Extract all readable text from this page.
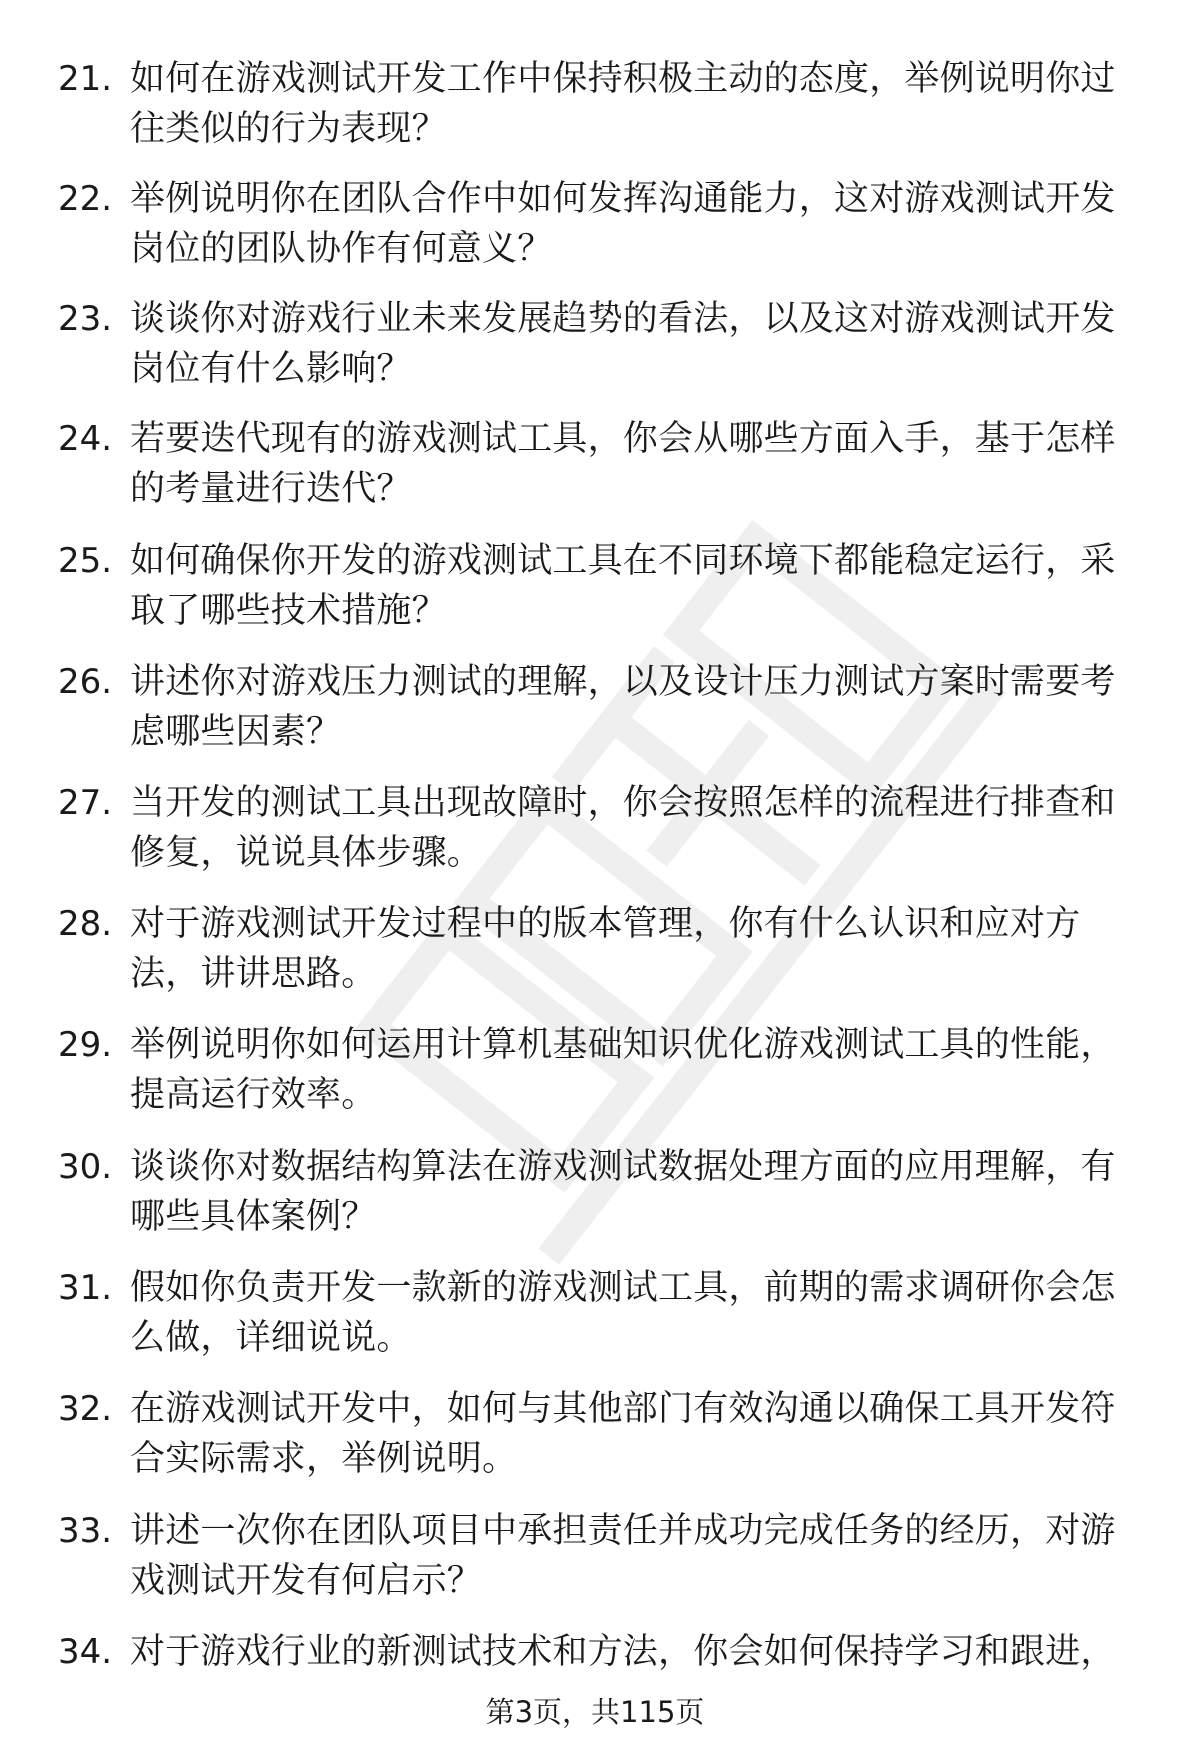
21. 如何在游戏测试开发工作中保持积极主动的态度，举例说明你过
往类似的行为表现？
22. 举例说明你在团队合作中如何发挥沟通能力，这对游戏测试开发
岗位的团队协作有何意义？
23. 谈谈你对游戏行业未来发展趋势的看法，以及这对游戏测试开发
岗位有什么影响？
24. 若要迭代现有的游戏测试工具，你会从哪些方面入手，基于怎样
的考量进行迭代？
25. 如何确保你开发的游戏测试工具在不同环境下都能稳定运行，采
取了哪些技术措施？
26. 讲述你对游戏压力测试的理解，以及设计压力测试方案时需要考
虑哪些因素？
27. 当开发的测试工具出现故障时，你会按照怎样的流程进行排查和
修复，说说具体步骤。
28. 对于游戏测试开发过程中的版本管理，你有什么认识和应对方
法，讲讲思路。
29. 举例说明你如何运用计算机基础知识优化游戏测试工具的性能，
提高运行效率。
30. 谈谈你对数据结构算法在游戏测试数据处理方面的应用理解，有
哪些具体案例？
31. 假如你负责开发一款新的游戏测试工具，前期的需求调研你会怎
么做，详细说说。
32. 在游戏测试开发中，如何与其他部门有效沟通以确保工具开发符
合实际需求，举例说明。
33. 讲述一次你在团队项目中承担责任并成功完成任务的经历，对游
戏测试开发有何启示？
34. 对于游戏行业的新测试技术和方法，你会如何保持学习和跟进，
第3页，共115页
